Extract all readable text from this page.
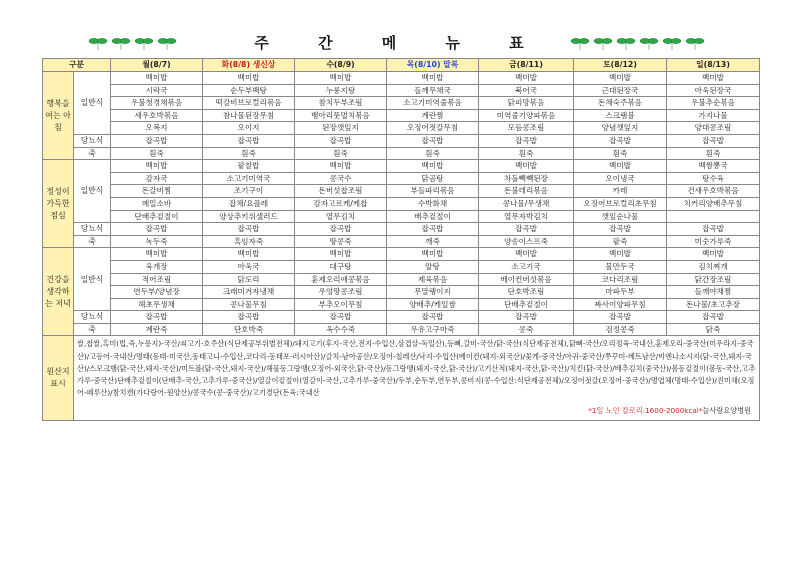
주 간 메 뉴 표
구분		월(8/7)	화(8/8) 생신상	수(8/9)	목(8/10) 말복	금(8/11)	토(8/12)	일(8/13)
행복을 여는 아침	일반식	백미밥	백미밥	백미밥	백미밥	백미밥	백미밥	백미밥
		시락국	순두부백탕	누룽지탕	들깨무채국	북어국	근대된장국	아욱된장국
		우불청경채볶음	떡갈비브로컬리볶음	참치두부조림	소고기미역줄볶음	닭피망볶음	돈채숙주볶음	우불추순볶음
		새우호박볶음	참나물된장무침	뱅아리풋멸치볶음	계란찜	미역줄기양파볶음	스크램블	가지나물
		오복지	오이지	된장깻잎지	오징어젓갈무침	모듬콩조림	양념깻잎지	양대콩조림
	당뇨식	잡곡밥	잡곡밥	잡곡밥	잡곡밥	잡곡밥	잡곡밥	잡곡밥
	죽	흰죽	흰죽	흰죽	흰죽	흰죽	흰죽	흰죽
정성이 가득한 점심	일반식	백미밥	팥찰밥	백미밥	백미밥	백미밥	백미밥	백짬뽕국
		감자국	소고기미역국	콩국수	닭곰탕	차돌빽빽된장	오이냉국	탕수육
		돈갈비찜	조기구이	돈버섯찹조림	부들파리볶음	돈불데리볶음	카레	건새우호박볶음
		메밀소바	잡채/요플레	감자고르케/케찹	수박화채	콩나물/무생채	오징어브로컬리초무침	치커리양배추무침
		단배추겉절이	양상추키위샐러드	열무김치	배추겉절이	열무자박김치	깻잎순나물	
	당뇨식	잡곡밥	잡곡밥	잡곡밥	잡곡밥	잡곡밥	잡곡밥	잡곡밥
	죽	녹두죽	흑임자죽	땅콩죽	깨죽	양송이스프죽	팥죽	미숫가루죽
건강을 생각하는 저녁	일반식	백미밥	백미밥	백미밥	백미밥	백미밥	백미밥	백미밥
		육개장	아욱국	대구탕	알탕	소고기국	물만두국	김치찌개
		적어조림	닭도리	훈제오리애콩볶음	제육볶음	베이컨버섯볶음	코다리조림	닭간장조림
		연두부/양념장	크래미겨자냉채	우엉땅콩조림	무말랭이지	단호박조림	마파두부	들깨야채찜
		해초무생채	콩나물무침	부추오이무침	양배추/케일쌈	단배추겉절이	짜사이양파무침	돈나물/초고추장
	당뇨식	잡곡밥	잡곡밥	잡곡밥	잡곡밥	잡곡밥	잡곡밥	잡곡밥
	죽	계란죽	단호박죽	옥수수죽	우유고구마죽	콩죽	검정콩죽	닭죽
원산지 표시	쌀,찹쌀,흑미(법,죽,누룽지)-국산/쇠고기-호주산(식단제공부위별전체)/돼지고기(후지-국산,전지-수입산,삼겹살-독일산),등뼈,갈비-국산/닭-국산(식단제공전체),닭뼈-국산/오리정육-국내산,훈제오리-중국산(미우라지-중국산)/고등어-국내산/명태(동태-미국산,동태고니-수입산,코다리-동태포-러시아산)/갈치-남아공산/오징어-칠레산/낙지-수입산(베이컨(돼지-외국산)/꽃게-중국산/아귀-중국산/쭈꾸미-베트남산/비엔나소시지(닭-국산,돼지-국산)/스모크햄(닭-국산,돼지-국산)/미트볼(닭-국산,돼지-국산)/해물동그랑땡(오징어-외국산,닭-국산)/동그랑땡(돼지-국산,닭-국산)/고기산적(돼지-국산,닭-국산)/치킨(닭-국산)/배추김치(중국산)/봄동겉절이(봄동-국산,고추가루-중국산)단배추겉절이(단배추-국산,고추가루-중국산)/열갈이겉절이(열갈이-국산,고추가루-중국산)/두부,순두부,연두부,콩비지(콩-수입산:식단제공전체)/오징어젓갈(오징어-중국산)/명엽체(명태-수입산)/진미채(오징어-페루산)/참치캔(가다랑어-원양산)/콩국수(콩-중국산)/고기경단(돈육:국내산
*1일 노인 칼로리:1600-2000kcal* 늘사랑요양병원							
